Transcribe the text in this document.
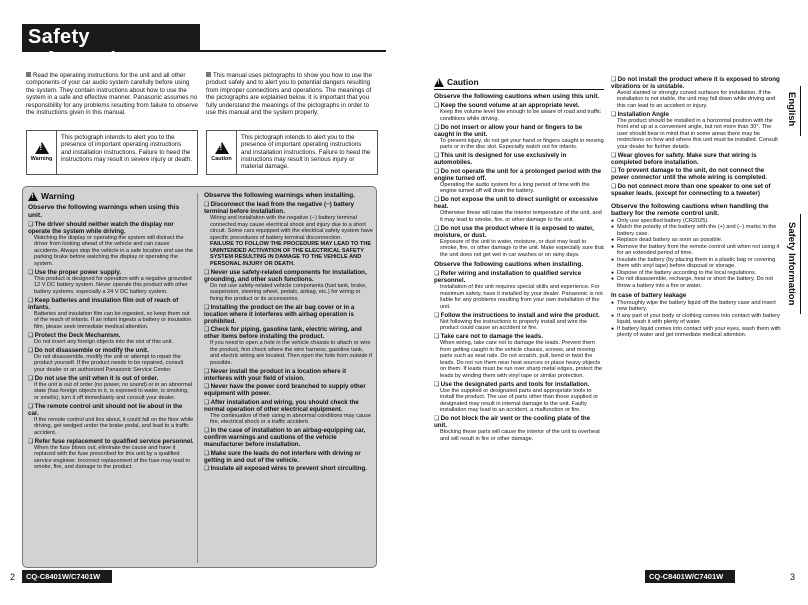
Safety Information
Read the operating instructions for the unit and all other components of your car audio system carefully before using the system. They contain instructions about how to use the system in a safe and effective manner. Panasonic assumes no responsibility for any problems resulting from failure to observe the instructions given in this manual.
This manual uses pictographs to show you how to use the product safely and to alert you to potential dangers resulting from improper connections and operations. The meanings of the pictographs are explained below. It is important that you fully understand the meanings of the pictographs in order to use this manual and the system properly.
!
Warning
This pictograph intends to alert you to the presence of important operating instructions and installation instructions. Failure to heed the instructions may result in severe injury or death.
!	Caution
This pictograph intends to alert you to the presence of important operating instructions and installation instructions. Failure to heed the instructions may result in serious injury or material damage.
!
Warning
Observe the following warnings when using this unit.
❑ The driver should neither watch the display nor operate the system while driving.
Watching the display or operating the system will distract the driver from looking ahead of the vehicle and can cause accidents. Always stop the vehicle in a safe location and use the parking brake before watching the display or operating the system.
❑ Use the proper power supply.
This product is designed for operation with a negative grounded 12 V DC battery system. Never operate this product with other battery systems, especially a 24 V DC battery system.
❑ Keep batteries and insulation film out of reach of infants.
Batteries and insulation film can be ingested, so keep them out of the reach of infants. If an infant ingests a battery or insulation film, please seek immediate medical attention.
❑ Protect the Deck Mechanism.
Do not insert any foreign objects into the slot of this unit.
❑ Do not disassemble or modify the unit.
Do not disassemble, modify the unit or attempt to repair the product yourself. If the product needs to be repaired, consult your dealer or an authorized Panasonic Service Center.
❑ Do not use the unit when it is out of order.
If the unit is out of order (no power, no sound) or in an abnormal state (has foreign objects in it, is exposed to water, is smoking, or smells), turn it off immediately and consult your dealer.
❑ The remote control unit should not lie about in the car.
If the remote control unit lies about, it could fall on the floor while driving, get wedged under the brake pedal, and lead to a traffic accident.
❑ Refer fuse replacement to qualified service personnel.
When the fuse blows out, eliminate the cause and have it replaced with the fuse prescribed for this unit by a qualified service engineer. Incorrect replacement of the fuse may lead to smoke, fire, and damage to the product.
Observe the following warnings when installing.
❑ Disconnect the lead from the negative (−) battery terminal before installation.
Wiring and installation with the negative (−) battery terminal connected may cause electrical shock and injury due to a short circuit. Some cars equipped with the electrical safety system have specific procedures of battery terminal disconnection.
FAILURE TO FOLLOW THE PROCEDURE MAY LEAD TO THE UNINTENDED ACTIVATION OF THE ELECTRICAL SAFETY SYSTEM RESULTING IN DAMAGE TO THE VEHICLE AND PERSONAL INJURY OR DEATH.
❑ Never use safety-related components for installation, grounding, and other such functions.
Do not use safety-related vehicle components (fuel tank, brake, suspension, steering wheel, pedals, airbag, etc.) for wiring or fixing the product or its accessories.
❑ Installing the product on the air bag cover or in a location where it interferes with airbag operation is prohibited.
❑ Check for piping, gasoline tank, electric wiring, and other items before installing the product.
If you need to open a hole in the vehicle chassis to attach or wire the product, first check where the wire harness, gasoline tank, and electric wiring are located. Then open the hole from outside if possible.
❑ Never install the product in a location where it interferes with your field of vision.
❑ Never have the power cord branched to supply other equipment with power.
❑ After installation and wiring, you should check the normal operation of other electrical equipment.
The continuation of their using in abnormal conditions may cause fire, electrical shock or a traffic accident.
❑ In the case of installation to an airbag-equipping car, confirm warnings and cautions of the vehicle manufacturer before installation.
❑ Make sure the leads do not interfere with driving or getting in and out of the vehicle.
❑ Insulate all exposed wires to prevent short circuiting.
!
Caution
Observe the following cautions when using this unit.
❑ Keep the sound volume at an appropriate level.
Keep the volume level low enough to be aware of road and traffic conditions while driving.
❑ Do not insert or allow your hand or fingers to be caught in the unit.
To prevent injury, do not get your hand or fingers caught in moving parts or in the disc slot. Especially watch out for infants.
❑ This unit is designed for use exclusively in automobiles.
❑ Do not operate the unit for a prolonged period with the engine turned off.
Operating the audio system for a long period of time with the engine turned off will drain the battery.
❑ Do not expose the unit to direct sunlight or excessive heat.
Otherwise these will raise the interior temperature of the unit, and it may lead to smoke, fire, or other damage to the unit.
❑ Do not use the product where it is exposed to water, moisture, or dust.
Exposure of the unit to water, moisture, or dust may lead to smoke, fire, or other damage to the unit. Make especially sure that the unit does not get wet in car washes or on rainy days.
Observe the following cautions when installing.
❑ Refer wiring and installation to qualified service personnel.
Installation of this unit requires special skills and experience. For maximum safety, have it installed by your dealer. Panasonic is not liable for any problems resulting from your own installation of the unit.
❑ Follow the instructions to install and wire the product.
Not following the instructions to properly install and wire the product could cause an accident or fire.
❑ Take care not to damage the leads.
When wiring, take care not to damage the leads. Prevent them from getting caught in the vehicle chassis, screws, and moving parts such as seat rails. Do not scratch, pull, bend or twist the leads. Do not run them near heat sources or place heavy objects on them. If leads must be run over sharp metal edges, protect the leads by winding them with vinyl tape or similar protection.
❑ Use the designated parts and tools for installation.
Use the supplied or designated parts and appropriate tools to install the product. The use of parts other than those supplied or designated may result in internal damage to the unit. Faulty installation may lead to an accident, a malfunction or fire.
❑ Do not block the air vent or the cooling plate of the unit.
Blocking these parts will cause the interior of the unit to overheat and will result in fire or other damage.
❑ Do not install the product where it is exposed to strong vibrations or is unstable.
Avoid slanted or strongly curved surfaces for installation. If the installation is not stable, the unit may fall down while driving and this can lead to an accident or injury.
❑ Installation Angle
The product should be installed in a horizontal position with the front end up at a convenient angle, but not more than 30°. The user should bear in mind that in some areas there may be restrictions on how and where this unit must be installed. Consult your dealer for further details.
❑ Wear gloves for safety. Make sure that wiring is completed before installation.
❑ To prevent damage to the unit, do not connect the power connector until the whole wiring is completed.
❑ Do not connect more than one speaker to one set of speaker leads. (except for connecting to a tweeter)
Observe the following cautions when handling the battery for the remote control unit.
● Only use specified battery (CR2025).
● Match the polarity of the battery with the (+) and (−) marks in the battery case.
● Replace dead battery as soon as possible.
● Remove the battery from the remote control unit when not using it for an extended period of time.
● Insulate the battery (by placing them in a plastic bag or covering them with vinyl tape) before disposal or storage.
● Dispose of the battery according to the local regulations.
● Do not disassemble, recharge, heat or short the battery. Do not throw a battery into a fire or water.
In case of battery leakage
● Thoroughly wipe the battery liquid off the battery case and insert new battery.
● If any part of your body or clothing comes into contact with battery liquid, wash it with plenty of water.
● If battery liquid comes into contact with your eyes, wash them with plenty of water and get immediate medical attention.
English
Safety Information
2	CQ-C8401W/C7401W	CQ-C8401W/C7401W	3
